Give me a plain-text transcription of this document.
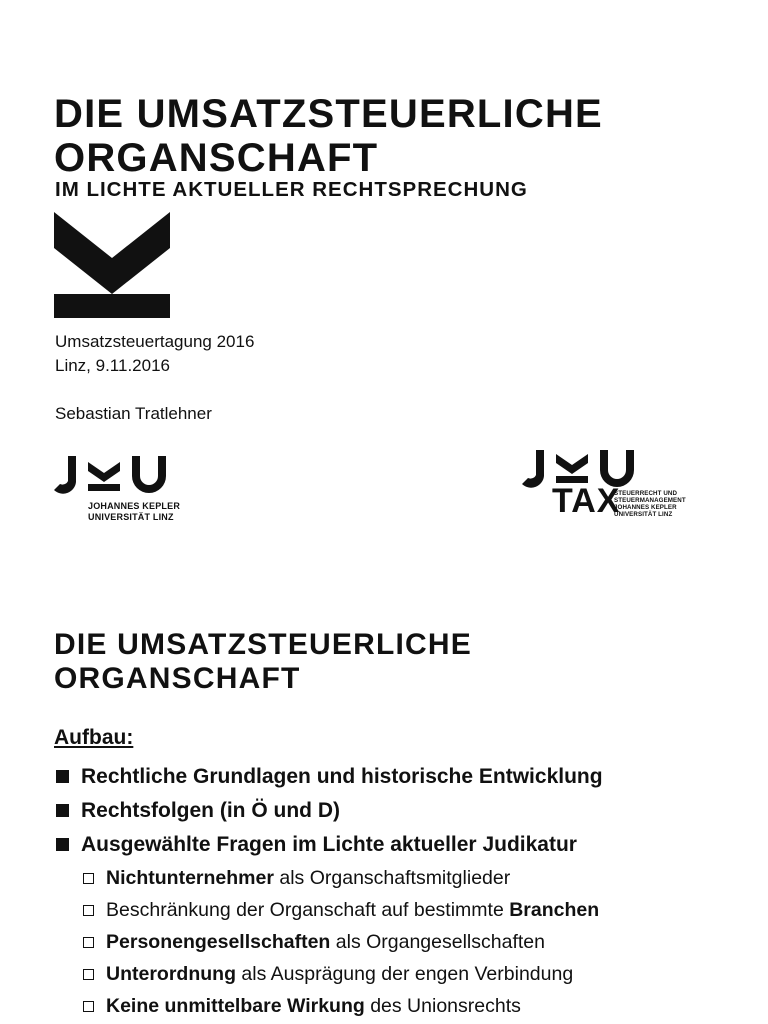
DIE UMSATZSTEUERLICHE
ORGANSCHAFT
IM LICHTE AKTUELLER RECHTSPRECHUNG

Umsatzsteuertagung 2016

Linz, 9.11.2016

Sebastian Tratlehner

JOHANNES KEPLER
UNIVERSITÄT LINZ	TAX
STEUERRECHT UND
STEUERMANAGEMENT
JOHANNES KEPLER
UNIVERSITÄT LINZ
DIE UMSATZSTEUERLICHE
ORGANSCHAFT
Aufbau:
Rechtliche Grundlagen und historische Entwicklung
Rechtsfolgen (in Ö und D)
Ausgewählte Fragen im Lichte aktueller Judikatur
Nichtunternehmer als Organschaftsmitglieder
Beschränkung der Organschaft auf bestimmte Branchen
Personengesellschaften als Organgesellschaften
Unterordnung als Ausprägung der engen Verbindung
Keine unmittelbare Wirkung des Unionsrechts
